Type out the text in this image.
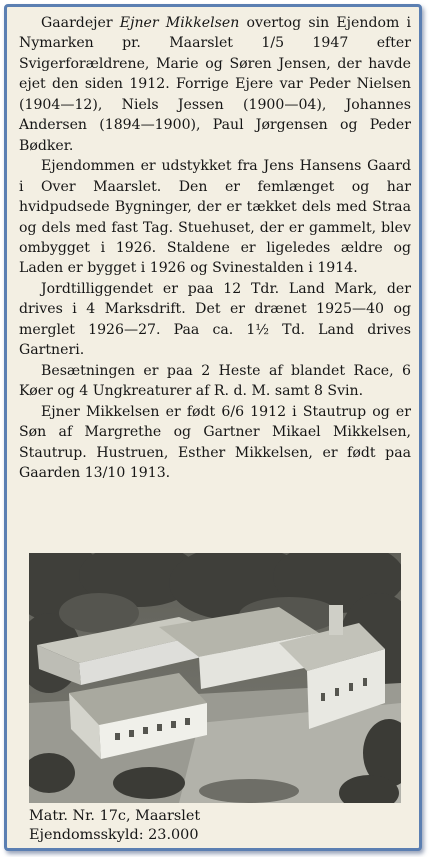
Gaardejer Ejner Mikkelsen overtog sin Ejendom i Nymarken pr. Maarslet 1/5 1947 efter Svigerforældrene, Marie og Søren Jensen, der havde ejet den siden 1912. Forrige Ejere var Peder Nielsen (1904—12), Niels Jessen (1900—04), Johannes Andersen (1894—1900), Paul Jørgensen og Peder Bødker.

Ejendommen er udstykket fra Jens Hansens Gaard i Over Maarslet. Den er femlænget og har hvidpudsede Bygninger, der er tækket dels med Straa og dels med fast Tag. Stuehuset, der er gammelt, blev ombygget i 1926. Staldene er ligeledes ældre og Laden er bygget i 1926 og Svinestalden i 1914.

Jordtilliggendet er paa 12 Tdr. Land Mark, der drives i 4 Marksdrift. Det er drænet 1925—40 og merglet 1926—27. Paa ca. 1½ Td. Land drives Gartneri.

Besætningen er paa 2 Heste af blandet Race, 6 Køer og 4 Ungkreaturer af R. d. M. samt 8 Svin.

Ejner Mikkelsen er født 6/6 1912 i Stautrup og er Søn af Margrethe og Gartner Mikael Mikkelsen, Stautrup. Hustruen, Esther Mikkelsen, er født paa Gaarden 13/10 1913.

Matr. Nr. 17c, Maarslet
Ejendomsskyld: 23.000
